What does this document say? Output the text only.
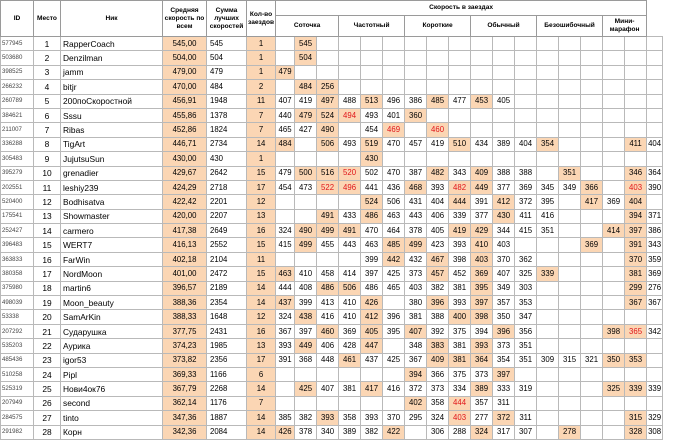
ID	Место	Ник	Средняя скорость по всем	Сумма лучших скоростей	Кол-во заездов	Скорость в заездах																	
						Соточка			Частотный			Короткие			Обычный			Безошибочный			Мини-марафон		
577945	1	RapperCoach	545,00	545	1		545																
503680	2	Denzilman	504,00	504	1		504																
398525	3	jamm	479,00	479	1	479																	
266232	4	bitjr	470,00	484	2		484	256															
260789	5	200поСкоростной	456,91	1948	11	407	419	497	488	513	496	386	485	477	453	405							
384621	6	Sssu	455,86	1378	7	440	479	524	494	493	401	360											
211007	7	Ribas	452,86	1824	7	465	427	490		454	469		460										
336288	8	TigArt	446,71	2734	14	484		506	493	519	470	457	419	510	434	389	404	354				411	404
305483	9	JujutsuSun	430,00	430	1					430													
395279	10	grenadier	429,67	2642	15	479	500	516	520	502	470	387	482	343	409	388	388		351			346	364
202551	11	leshiy239	424,29	2718	17	454	473	522	496	441	436	468	393	482	449	377	369	345	349	366		403	390
520400	12	Bodhisatva	422,42	2201	12					524	506	431	404	444	391	412	372	395		417	369	404	
175541	13	Showmaster	420,00	2207	13			491	433	486	463	443	406	339	377	430	411	416				394	371
252427	14	carmero	417,38	2649	16	324	490	499	491	470	464	378	405	419	429	344	415	351			414	397	386
396483	15	WERT7	416,13	2552	15	415	499	455	443	463	485	499	423	393	410	403				369		391	343
363833	16	FarWin	402,18	2104	11					399	442	432	467	398	403	370	362					370	359
380358	17	NordMoon	401,00	2472	15	463	410	458	414	397	425	373	457	452	369	407	325	339				381	369
375980	18	martin6	396,57	2189	14	444	408	486	506	486	465	403	382	381	395	349	303					299	276
498039	19	Moon_beauty	388,36	2354	14	437	399	413	410	426		380	396	393	397	357	353					367	367
53338	20	SamArKin	388,33	1648	12	324	438	416	410	412	396	381	388	400	398	350	347						
207292	21	Сударушка	377,75	2431	16	367	397	460	369	405	395	407	392	375	394	396	356				398	365	342
535203	22	Аурика	374,23	1985	13	393	449	406	428	447		348	383	381	393	373	351						
485436	23	igor53	373,82	2356	17	391	368	448	461	437	425	367	409	381	364	354	351	309	315	321	350	353	
510258	24	Pipl	369,33	1166	6							394	366	375	373	397							
525319	25	Нови4ок76	367,79	2268	14		425	407	381	417	416	372	373	334	389	333	319				325	339	339
207949	26	second	362,14	1176	7							402	358	444	357	311							
284575	27	tinto	347,36	1887	14	385	382	393	358	393	370	295	324	403	277	372	311					315	329
291982	28	Корн	342,36	2084	14	426	378	340	389	382	422		306	288	324	317	307		278			328	308
